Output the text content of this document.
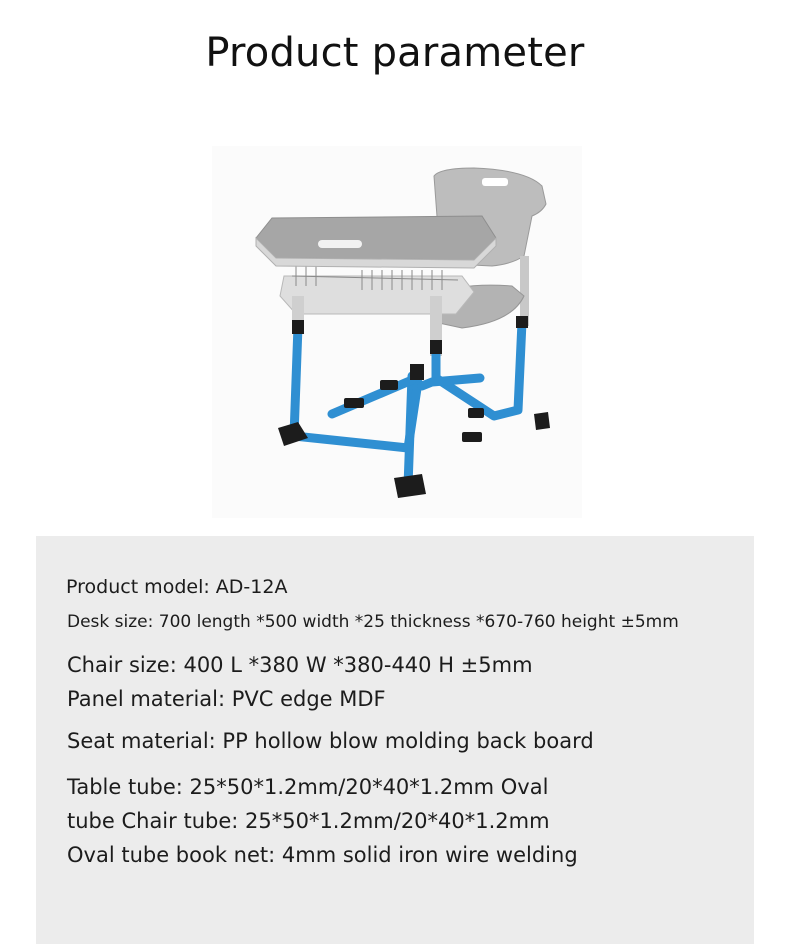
Product parameter
Product model: AD-12A
Desk size: 700 length *500 width *25 thickness *670-760 height ±5mm
Chair size: 400 L *380 W *380-440 H ±5mm
Panel material: PVC edge MDF
Seat material: PP hollow blow molding back board
Table tube: 25*50*1.2mm/20*40*1.2mm Oval
tube Chair tube: 25*50*1.2mm/20*40*1.2mm
Oval tube book net: 4mm solid iron wire welding
